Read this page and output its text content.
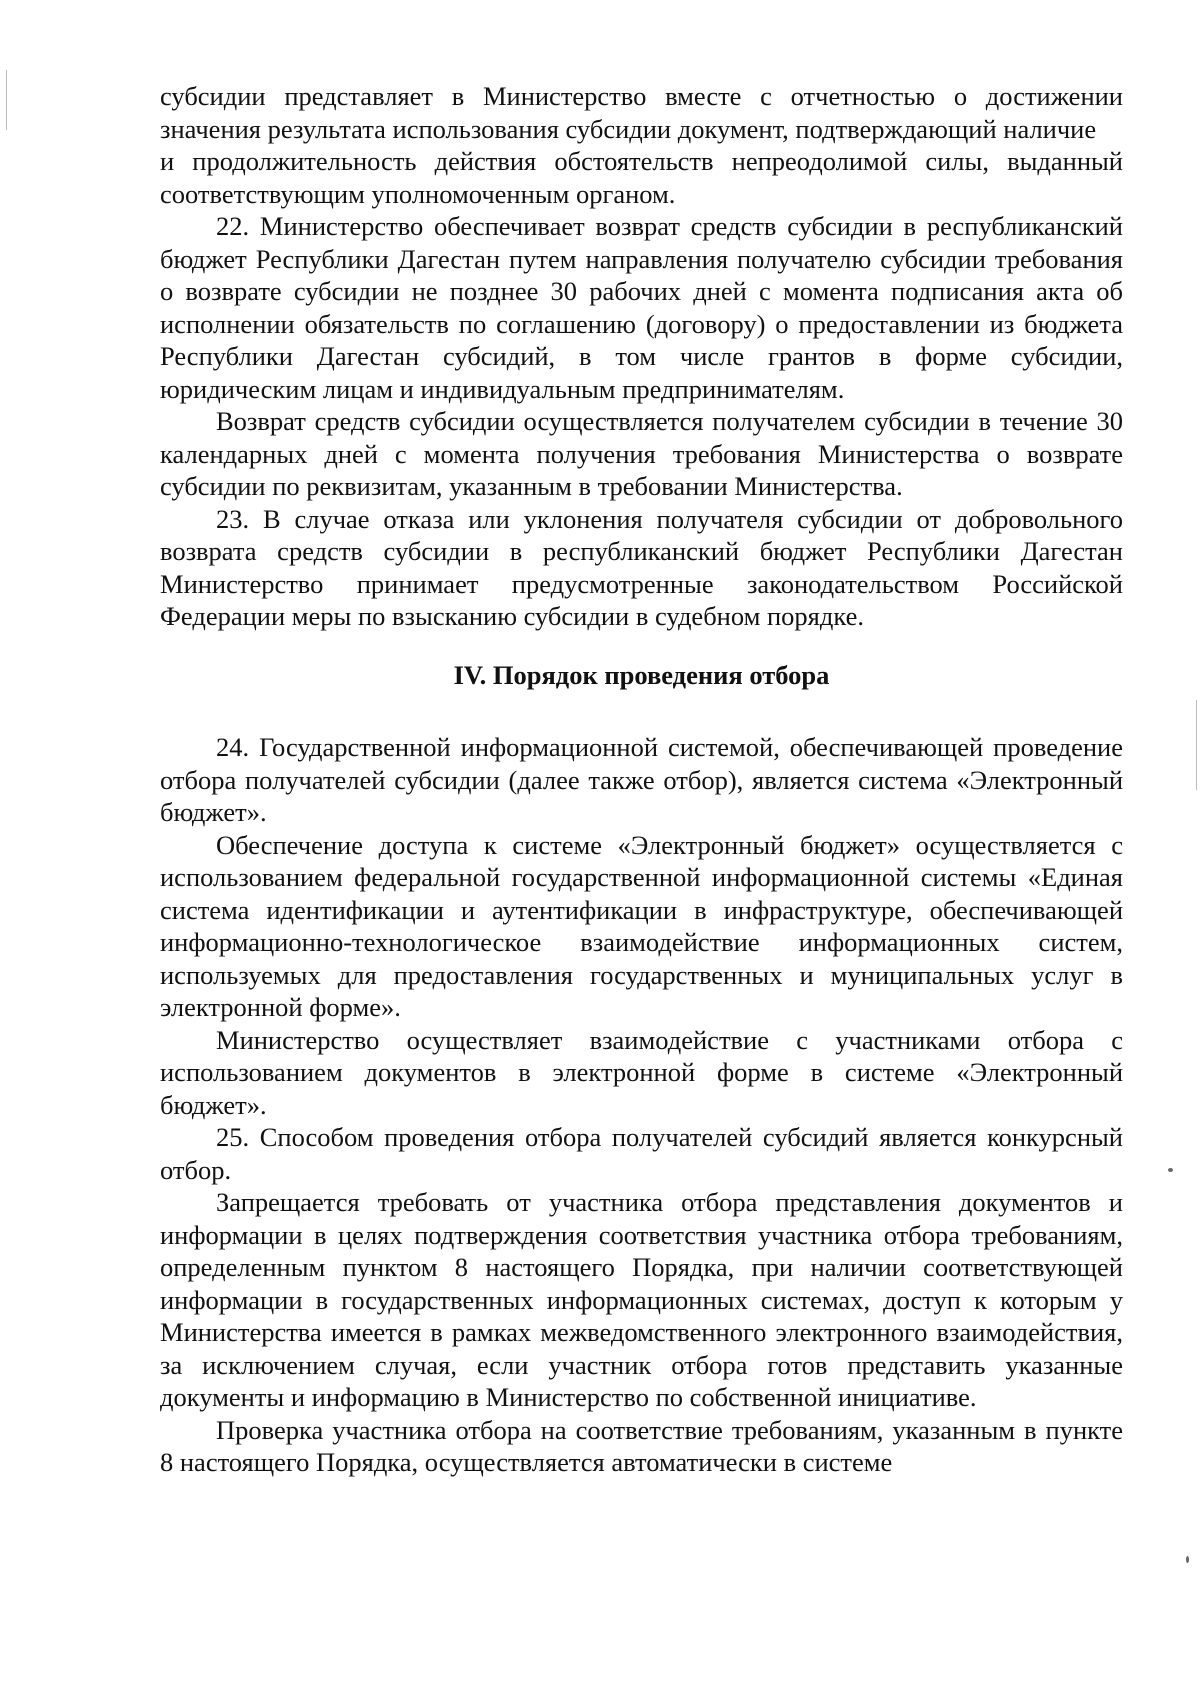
субсидии представляет в Министерство вместе с отчетностью о достижении значения результата использования субсидии документ, подтверждающий наличие

и продолжительность действия обстоятельств непреодолимой силы, выданный соответствующим уполномоченным органом.

22. Министерство обеспечивает возврат средств субсидии в республиканский бюджет Республики Дагестан путем направления получателю субсидии требования о возврате субсидии не позднее 30 рабочих дней с момента подписания акта об исполнении обязательств по соглашению (договору) о предоставлении из бюджета Республики Дагестан субсидий, в том числе грантов в форме субсидии, юридическим лицам и индивидуальным предпринимателям.

Возврат средств субсидии осуществляется получателем субсидии в течение 30 календарных дней с момента получения требования Министерства о возврате субсидии по реквизитам, указанным в требовании Министерства.

23. В случае отказа или уклонения получателя субсидии от добровольного возврата средств субсидии в республиканский бюджет Республики Дагестан Министерство принимает предусмотренные законодательством Российской Федерации меры по взысканию субсидии в судебном порядке.

IV. Порядок проведения отбора

24. Государственной информационной системой, обеспечивающей проведение отбора получателей субсидии (далее также отбор), является система «Электронный бюджет».

Обеспечение доступа к системе «Электронный бюджет» осуществляется с использованием федеральной государственной информационной системы «Единая система идентификации и аутентификации в инфраструктуре, обеспечивающей информационно-технологическое взаимодействие информационных систем, используемых для предоставления государственных и муниципальных услуг в электронной форме».

Министерство осуществляет взаимодействие с участниками отбора с использованием документов в электронной форме в системе «Электронный бюджет».

25. Способом проведения отбора получателей субсидий является конкурсный отбор.

Запрещается требовать от участника отбора представления документов и информации в целях подтверждения соответствия участника отбора требованиям, определенным пунктом 8 настоящего Порядка, при наличии соответствующей информации в государственных информационных системах, доступ к которым у Министерства имеется в рамках межведомственного электронного взаимодействия, за исключением случая, если участник отбора готов представить указанные документы и информацию в Министерство по собственной инициативе.

Проверка участника отбора на соответствие требованиям, указанным в пункте 8 настоящего Порядка, осуществляется автоматически в системе
